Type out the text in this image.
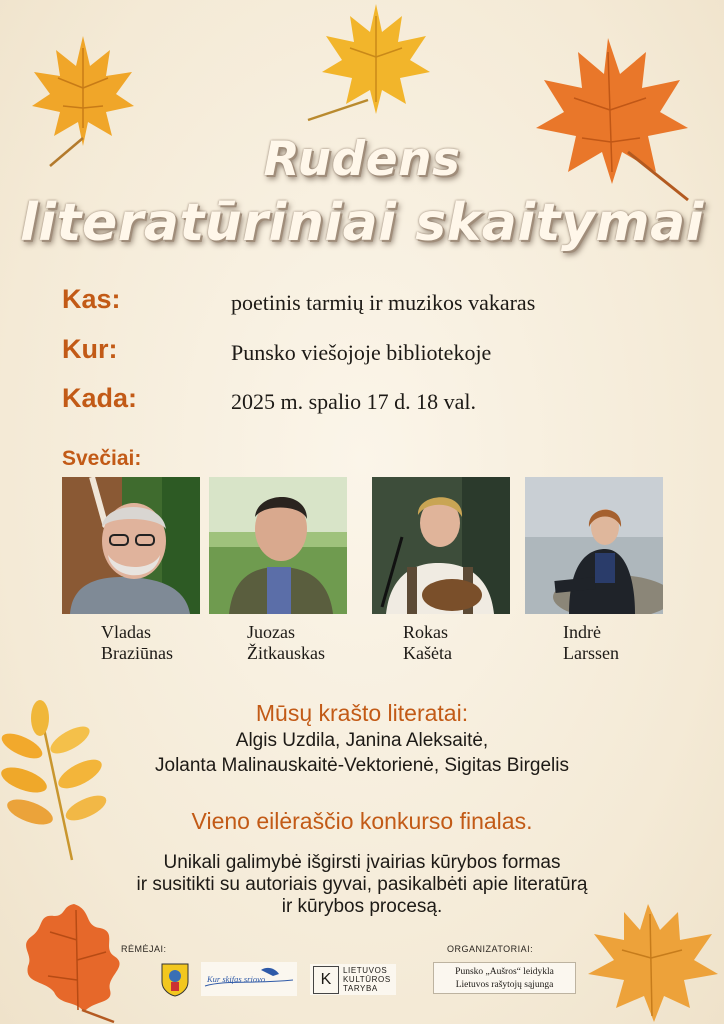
Rudens
literatūriniai skaitymai
Kas:	poetinis tarmių ir muzikos vakaras
Kur:	Punsko viešojoje bibliotekoje
Kada:	2025 m. spalio 17 d. 18 val.
Svečiai:
Vladas
Braziūnas
Juozas
Žitkauskas
Rokas
Kašėta
Indrė
Larssen
Mūsų krašto literatai:
Algis Uzdila, Janina Aleksaitė,
Jolanta Malinauskaitė-Vektorienė, Sigitas Birgelis
Vieno eilėraščio konkurso finalas.
Unikali galimybė išgirsti įvairias kūrybos formas
ir susitikti su autoriais gyvai, pasikalbėti apie literatūrą
ir kūrybos procesą.
RĖMĖJAI:	ORGANIZATORIAI:
Kur skifas sriovo	K
LIETUVOS
KULTŪROS
TARYBA
Punsko „Aušros“ leidykla
Lietuvos rašytojų sąjunga
